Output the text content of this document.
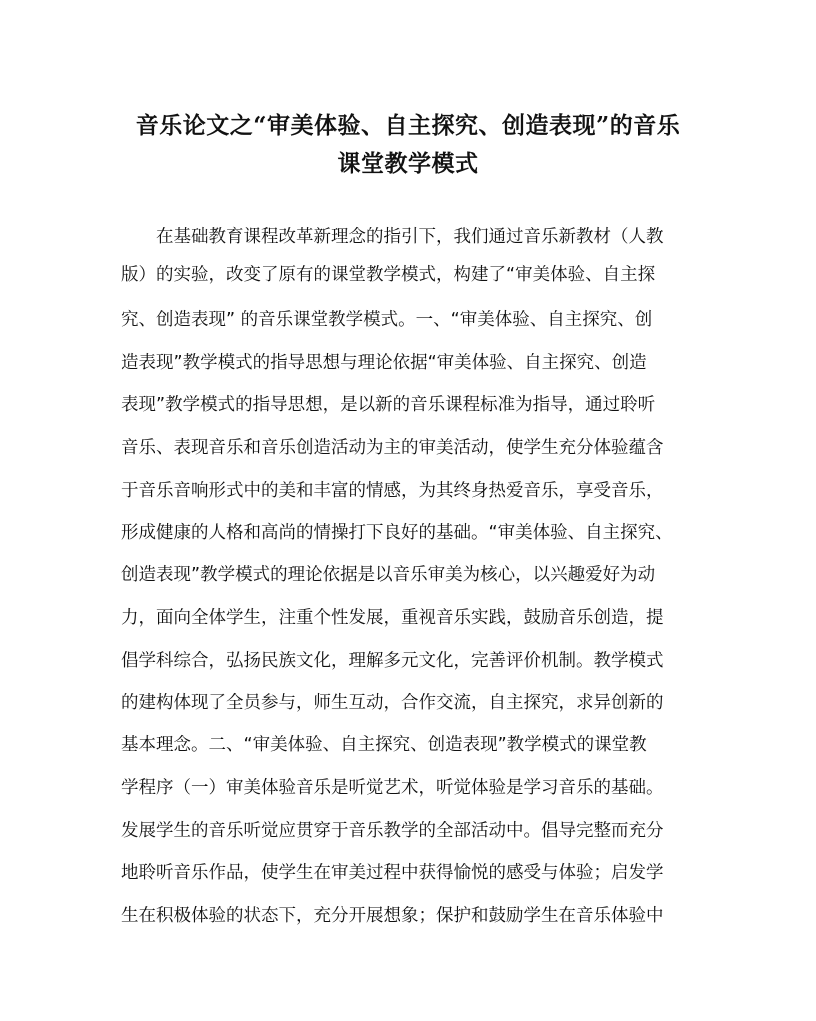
音乐论文之“审美体验、自主探究、创造表现”的音乐
课堂教学模式
　　在基础教育课程改革新理念的指引下，我们通过音乐新教材（人教
版）的实验，改变了原有的课堂教学模式，构建了“审美体验、自主探
究、创造表现” 的音乐课堂教学模式。一、“审美体验、自主探究、创
造表现”教学模式的指导思想与理论依据“审美体验、自主探究、创造
表现”教学模式的指导思想，是以新的音乐课程标准为指导，通过聆听
音乐、表现音乐和音乐创造活动为主的审美活动，使学生充分体验蕴含
于音乐音响形式中的美和丰富的情感，为其终身热爱音乐，享受音乐，
形成健康的人格和高尚的情操打下良好的基础。“审美体验、自主探究、
创造表现”教学模式的理论依据是以音乐审美为核心，以兴趣爱好为动
力，面向全体学生，注重个性发展，重视音乐实践，鼓励音乐创造，提
倡学科综合，弘扬民族文化，理解多元文化，完善评价机制。教学模式
的建构体现了全员参与，师生互动，合作交流，自主探究，求异创新的
基本理念。二、“审美体验、自主探究、创造表现”教学模式的课堂教
学程序（一）审美体验音乐是听觉艺术，听觉体验是学习音乐的基础。
发展学生的音乐听觉应贯穿于音乐教学的全部活动中。倡导完整而充分
地聆听音乐作品，使学生在审美过程中获得愉悦的感受与体验；启发学
生在积极体验的状态下，充分开展想象；保护和鼓励学生在音乐体验中
